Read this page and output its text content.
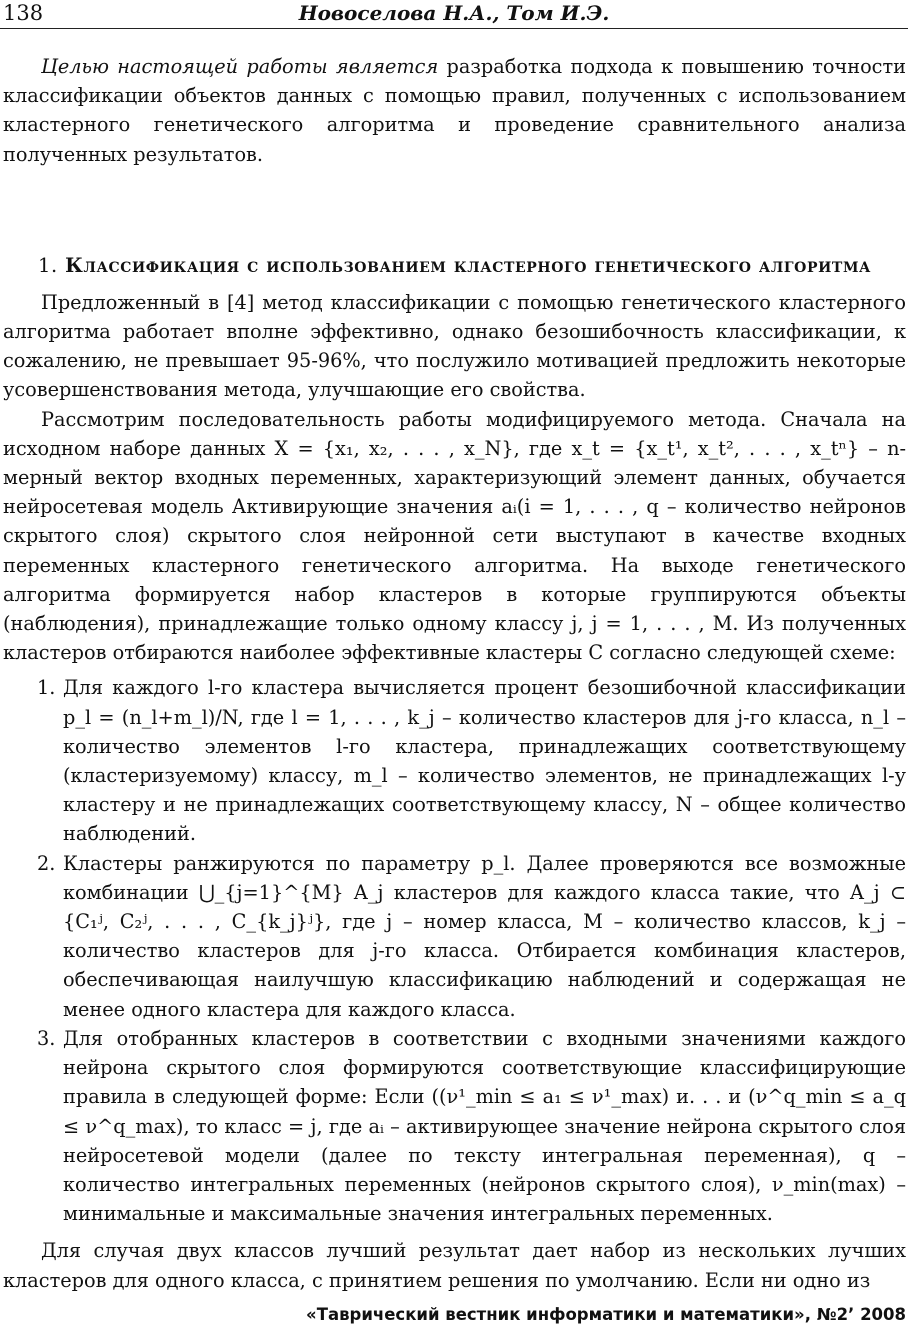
138	Новоселова Н.А., Том И.Э.

Целью настоящей работы является разработка подхода к повышению точности классификации объектов данных с помощью правил, полученных с использованием кластерного генетического алгоритма и проведение сравнительного анализа полученных результатов.

1. Классификация с использованием кластерного генетического алгоритма

Предложенный в [4] метод классификации с помощью генетического кластерного алгоритма работает вполне эффективно, однако безошибочность классификации, к сожалению, не превышает 95-96%, что послужило мотивацией предложить некоторые усовершенствования метода, улучшающие его свойства.

Рассмотрим последовательность работы модифицируемого метода. Сначала на исходном наборе данных X = {x₁, x₂, . . . , x_N}, где x_t = {x_t¹, x_t², . . . , x_tⁿ} – n-мерный вектор входных переменных, характеризующий элемент данных, обучается нейросетевая модель Активирующие значения aᵢ(i = 1, . . . , q – количество нейронов скрытого слоя) скрытого слоя нейронной сети выступают в качестве входных переменных кластерного генетического алгоритма. На выходе генетического алгоритма формируется набор кластеров в которые группируются объекты (наблюдения), принадлежащие только одному классу j, j = 1, . . . , M. Из полученных кластеров отбираются наиболее эффективные кластеры C согласно следующей схеме:

1. Для каждого l-го кластера вычисляется процент безошибочной классификации p_l = (n_l+m_l)/N, где l = 1, . . . , k_j – количество кластеров для j-го класса, n_l – количество элементов l-го кластера, принадлежащих соответствующему (кластеризуемому) классу, m_l – количество элементов, не принадлежащих l-у кластеру и не принадлежащих соответствующему классу, N – общее количество наблюдений.
2. Кластеры ранжируются по параметру p_l. Далее проверяются все возможные комбинации ⋃_{j=1}^{M} A_j кластеров для каждого класса такие, что A_j ⊂ {C₁ʲ, C₂ʲ, . . . , C_{k_j}ʲ}, где j – номер класса, M – количество классов, k_j – количество кластеров для j-го класса. Отбирается комбинация кластеров, обеспечивающая наилучшую классификацию наблюдений и содержащая не менее одного кластера для каждого класса.
3. Для отобранных кластеров в соответствии с входными значениями каждого нейрона скрытого слоя формируются соответствующие классифицирующие правила в следующей форме: Если ((ν¹_min ≤ a₁ ≤ ν¹_max) и. . . и (ν^q_min ≤ a_q ≤ ν^q_max), то класс = j, где aᵢ – активирующее значение нейрона скрытого слоя нейросетевой модели (далее по тексту интегральная переменная), q – количество интегральных переменных (нейронов скрытого слоя), ν_min(max) – минимальные и максимальные значения интегральных переменных.

Для случая двух классов лучший результат дает набор из нескольких лучших кластеров для одного класса, с принятием решения по умолчанию. Если ни одно из

«Таврический вестник информатики и математики», №2’ 2008
